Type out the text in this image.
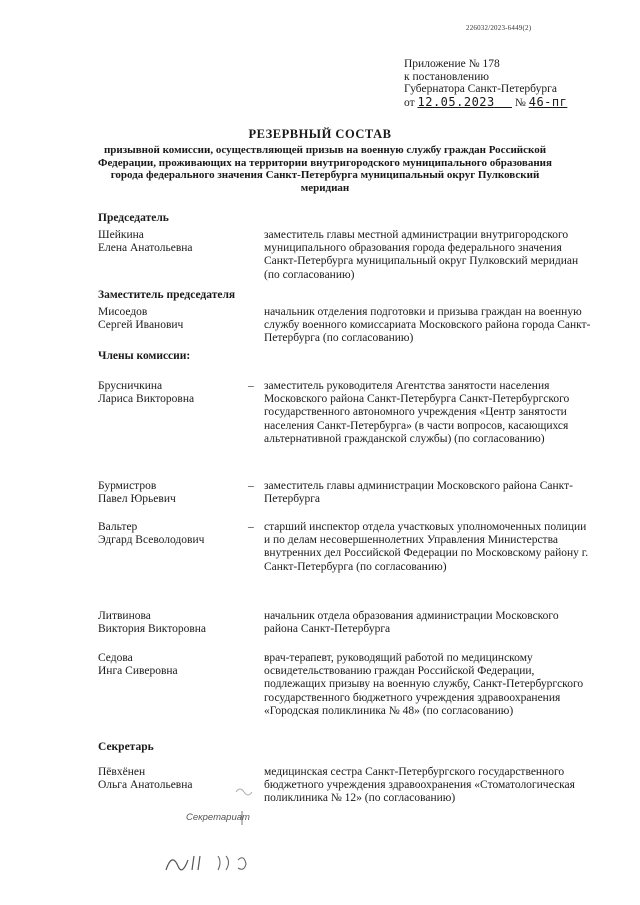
226032/2023-6449(2)
Приложение № 178
к постановлению
Губернатора Санкт-Петербурга
от 12.05.2023 № 46-пг
РЕЗЕРВНЫЙ СОСТАВ
призывной комиссии, осуществляющей призыв на военную службу граждан Российской Федерации, проживающих на территории внутригородского муниципального образования города федерального значения Санкт-Петербурга муниципальный округ Пулковский меридиан
Председатель
Шейкина
Елена Анатольевна
заместитель главы местной администрации внутригородского муниципального образования города федерального значения Санкт-Петербурга муниципальный округ Пулковский меридиан (по согласованию)
Заместитель председателя
Мисоедов
Сергей Иванович
начальник отделения подготовки и призыва граждан на военную службу военного комиссариата Московского района города Санкт-Петербурга (по согласованию)
Члены комиссии:
Брусничкина
Лариса Викторовна
– заместитель руководителя Агентства занятости населения Московского района Санкт-Петербурга Санкт-Петербургского государственного автономного учреждения «Центр занятости населения Санкт-Петербурга» (в части вопросов, касающихся альтернативной гражданской службы) (по согласованию)
Бурмистров
Павел Юрьевич
– заместитель главы администрации Московского района Санкт-Петербурга
Вальтер
Эдгард Всеволодович
– старший инспектор отдела участковых уполномоченных полиции и по делам несовершеннолетних Управления Министерства внутренних дел Российской Федерации по Московскому району г. Санкт-Петербурга (по согласованию)
Литвинова
Виктория Викторовна
начальник отдела образования администрации Московского района Санкт-Петербурга
Седова
Инга Сиверовна
врач-терапевт, руководящий работой по медицинскому освидетельствованию граждан Российской Федерации, подлежащих призыву на военную службу, Санкт-Петербургского государственного бюджетного учреждения здравоохранения «Городская поликлиника № 48» (по согласованию)
Секретарь
Пёвхёнен
Ольга Анатольевна
медицинская сестра Санкт-Петербургского государственного бюджетного учреждения здравоохранения «Стоматологическая поликлиника № 12» (по согласованию)
Секретариат
